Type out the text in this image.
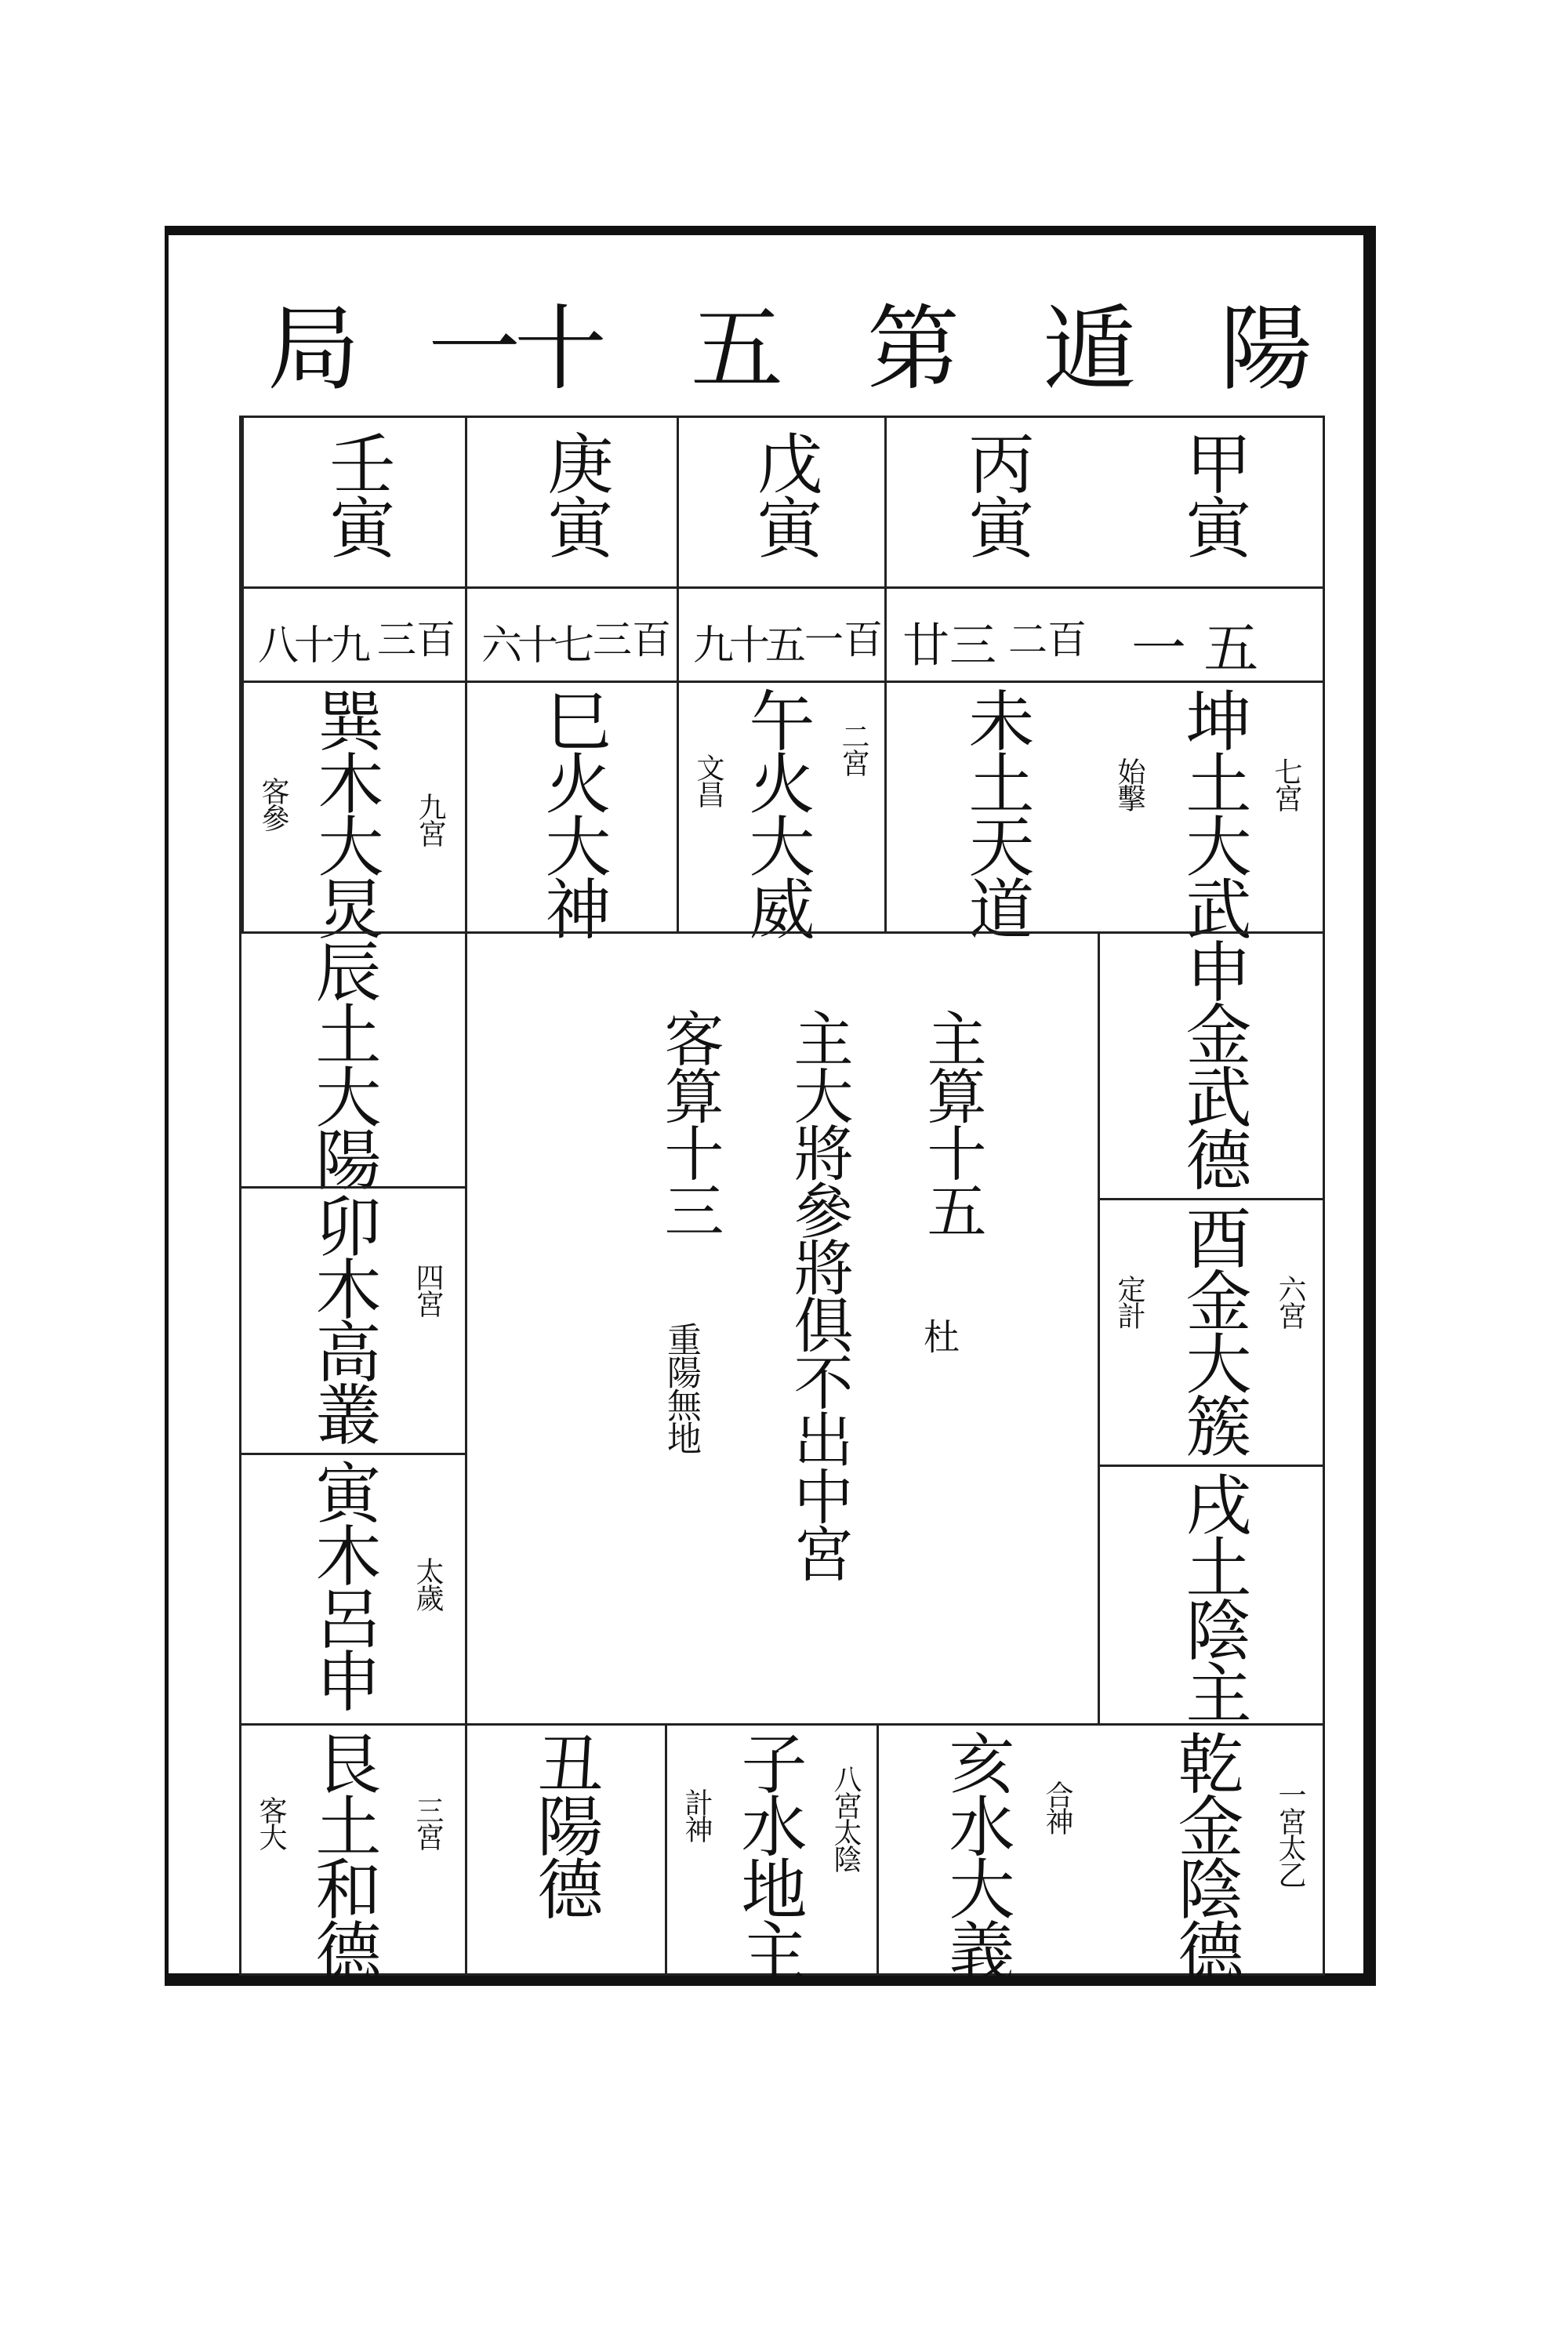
陽
遁
第
五
十
一
局
甲寅
丙寅
戊寅
庚寅
壬寅
一 五
廿三 二百
九十五 一百
六十七 三百
八十九 三百
坤土大武 七宮
始擊
未土天道
午火大威 二宮
文昌
巳火大神
巽木大炅 九宮
客參
申金武德
酉金大簇 六宮
定計
戌土陰主
辰土大陽
卯木高叢 四宮
寅木呂申 太歲
主算十五
杜
主大將參將俱不出中宮
客算十三
重陽無地
乾金陰德 一宮太乙
亥水大義 合神
子水地主 八宮太陰
計神
丑陽德
艮土和德 三宮
客大
